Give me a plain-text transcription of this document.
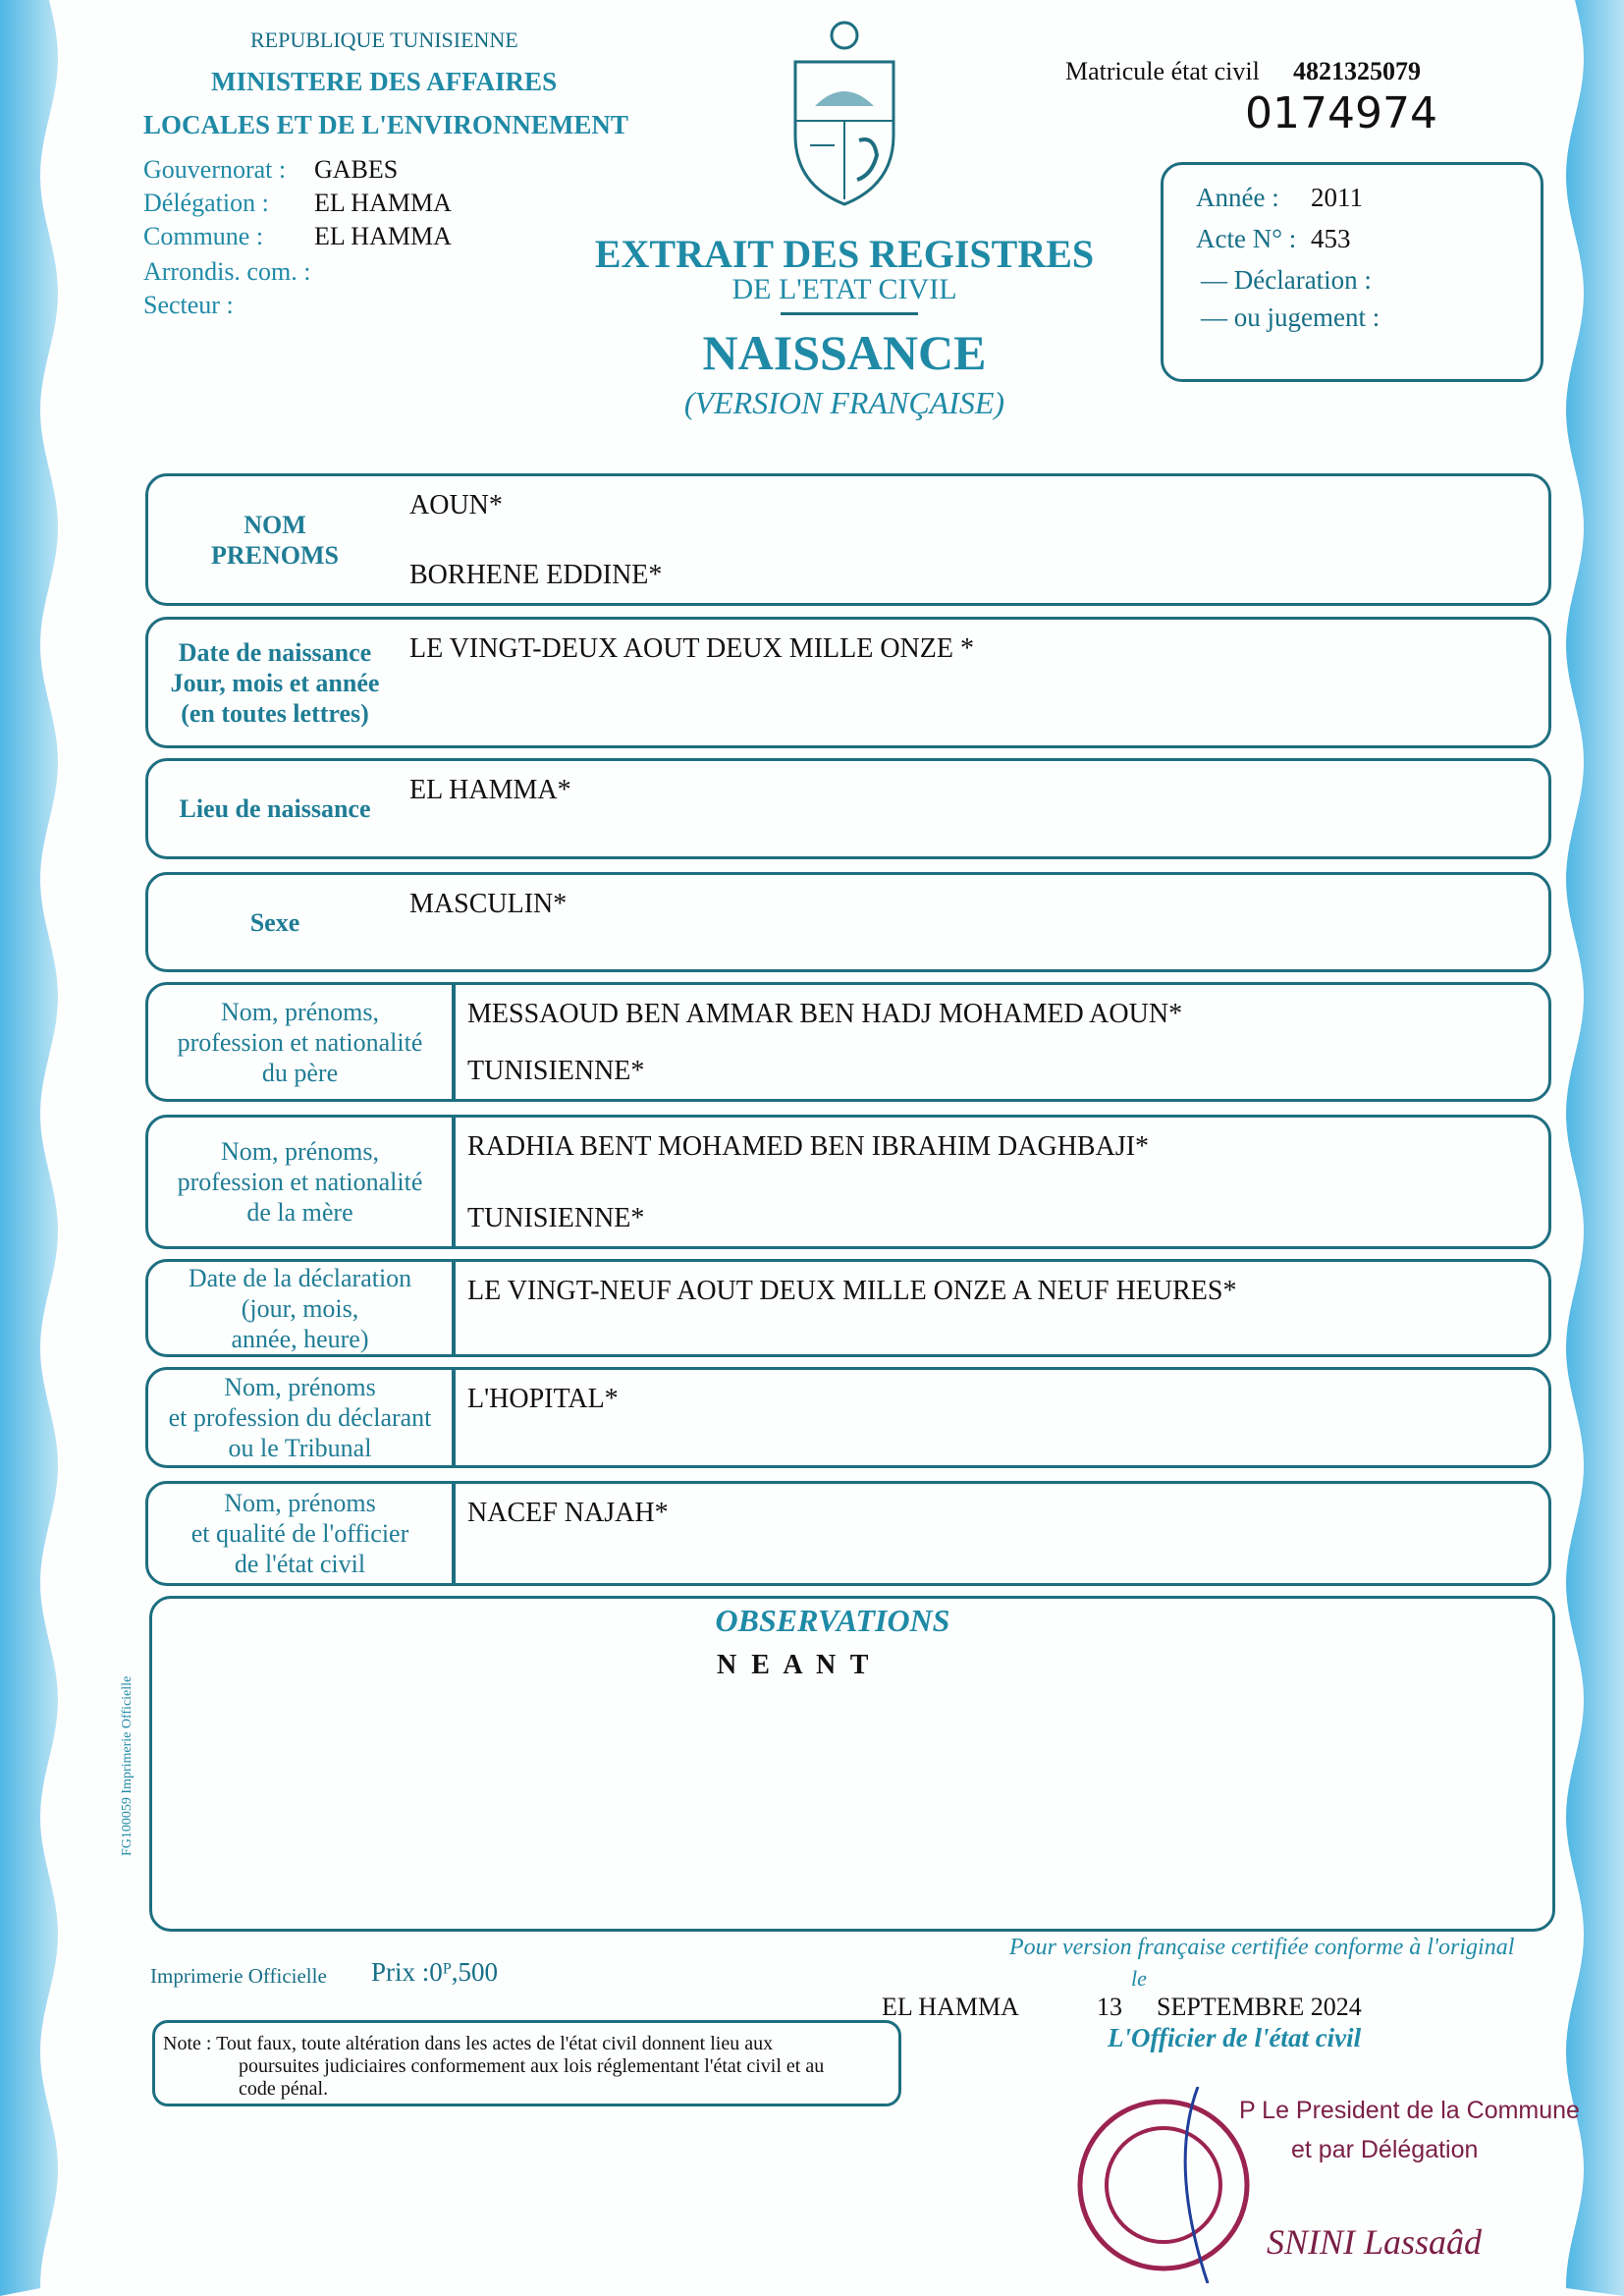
REPUBLIQUE TUNISIENNE
MINISTERE DES AFFAIRES
LOCALES ET DE L'ENVIRONNEMENT
Gouvernorat : GABES
Délégation : EL HAMMA
Commune : EL HAMMA
Arrondis. com. :
Secteur :
Matricule état civil 4821325079
0174974
Année : 2011
Acte N° : 453
— Déclaration :
— ou jugement :
EXTRAIT DES REGISTRES
DE L'ETAT CIVIL
NAISSANCE
(VERSION FRANÇAISE)
NOM
PRENOMS
AOUN*
BORHENE EDDINE*
Date de naissance
Jour, mois et année
(en toutes lettres)
LE VINGT-DEUX AOUT DEUX MILLE ONZE *
Lieu de naissance
EL HAMMA*
Sexe
MASCULIN*
Nom, prénoms,
profession et nationalité
du père
MESSAOUD BEN AMMAR BEN HADJ MOHAMED AOUN*
TUNISIENNE*
Nom, prénoms,
profession et nationalité
de la mère
RADHIA BENT MOHAMED BEN IBRAHIM DAGHBAJI*
TUNISIENNE*
Date de la déclaration
(jour, mois,
année, heure)
LE VINGT-NEUF AOUT DEUX MILLE ONZE A NEUF HEURES*
Nom, prénoms
et profession du déclarant
ou le Tribunal
L'HOPITAL*
Nom, prénoms
et qualité de l'officier
de l'état civil
NACEF NAJAH*
OBSERVATIONS
N E A N T
FG100059 Imprimerie Officielle
Imprimerie Officielle Prix :0ᴾ,500
Pour version française certifiée conforme à l'original
le
EL HAMMA	13 SEPTEMBRE 2024
L'Officier de l'état civil
Note : Tout faux, toute altération dans les actes de l'état civil donnent lieu aux
poursuites judiciaires conformement aux lois réglementant l'état civil et au
code pénal.
P Le President de la Commune
et par Délégation
SNINI Lassaâd
